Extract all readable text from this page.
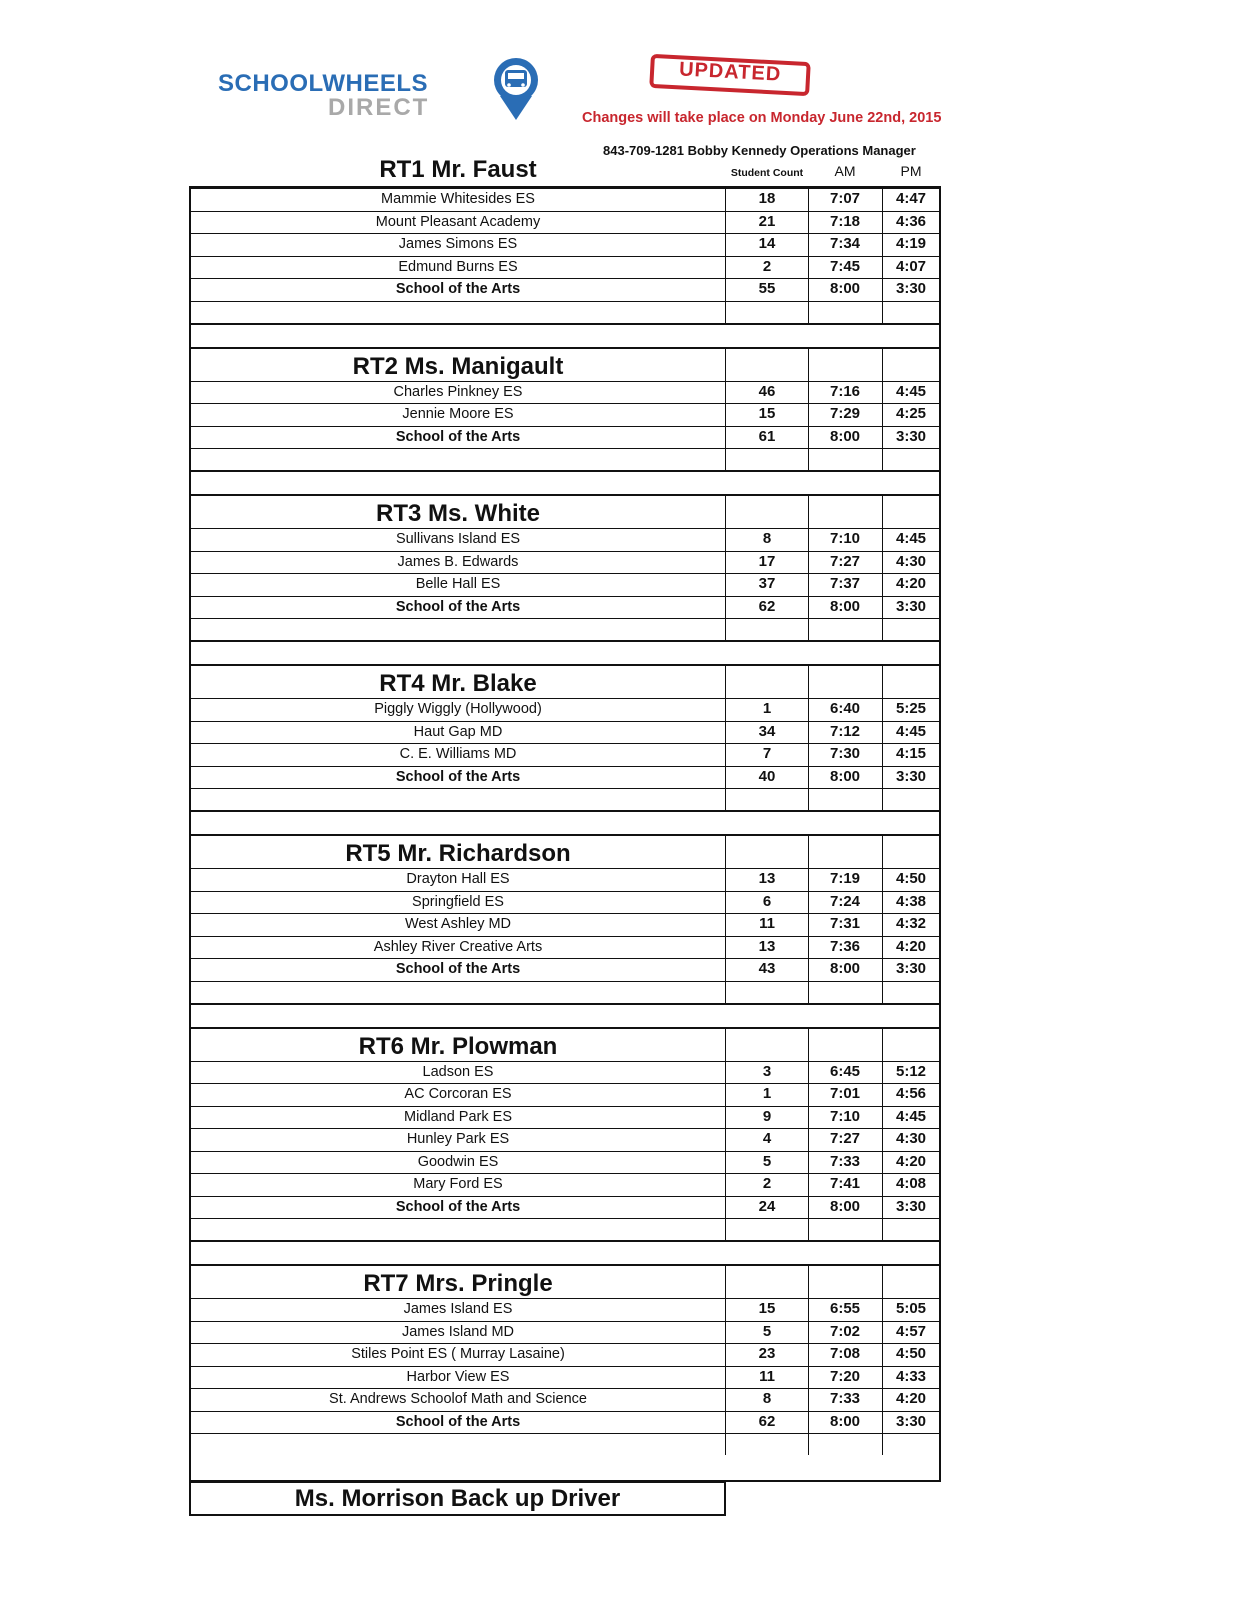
SCHOOLWHEELS
DIRECT
UPDATED
Changes will take place on Monday June 22nd, 2015
843-709-1281 Bobby Kennedy Operations Manager
Student Count	AM	PM
RT1 Mr. Faust
Mammie Whitesides ES	18	7:07	4:47
Mount Pleasant Academy	21	7:18	4:36
James Simons ES	14	7:34	4:19
Edmund Burns ES	2	7:45	4:07
School of the Arts	55	8:00	3:30
RT2 Ms. Manigault
Charles Pinkney ES	46	7:16	4:45
Jennie Moore ES	15	7:29	4:25
School of the Arts	61	8:00	3:30
RT3 Ms. White
Sullivans Island ES	8	7:10	4:45
James B. Edwards	17	7:27	4:30
Belle Hall ES	37	7:37	4:20
School of the Arts	62	8:00	3:30
RT4 Mr. Blake
Piggly Wiggly (Hollywood)	1	6:40	5:25
Haut Gap MD	34	7:12	4:45
C. E. Williams MD	7	7:30	4:15
School of the Arts	40	8:00	3:30
RT5 Mr. Richardson
Drayton Hall ES	13	7:19	4:50
Springfield ES	6	7:24	4:38
West Ashley MD	11	7:31	4:32
Ashley River Creative Arts	13	7:36	4:20
School of the Arts	43	8:00	3:30
RT6 Mr. Plowman
Ladson ES	3	6:45	5:12
AC Corcoran ES	1	7:01	4:56
Midland Park ES	9	7:10	4:45
Hunley Park ES	4	7:27	4:30
Goodwin ES	5	7:33	4:20
Mary Ford ES	2	7:41	4:08
School of the Arts	24	8:00	3:30
RT7 Mrs. Pringle
James Island ES	15	6:55	5:05
James Island MD	5	7:02	4:57
Stiles Point ES ( Murray Lasaine)	23	7:08	4:50
Harbor View ES	11	7:20	4:33
St. Andrews Schoolof Math and Science	8	7:33	4:20
School of the Arts	62	8:00	3:30
Ms. Morrison Back up Driver
